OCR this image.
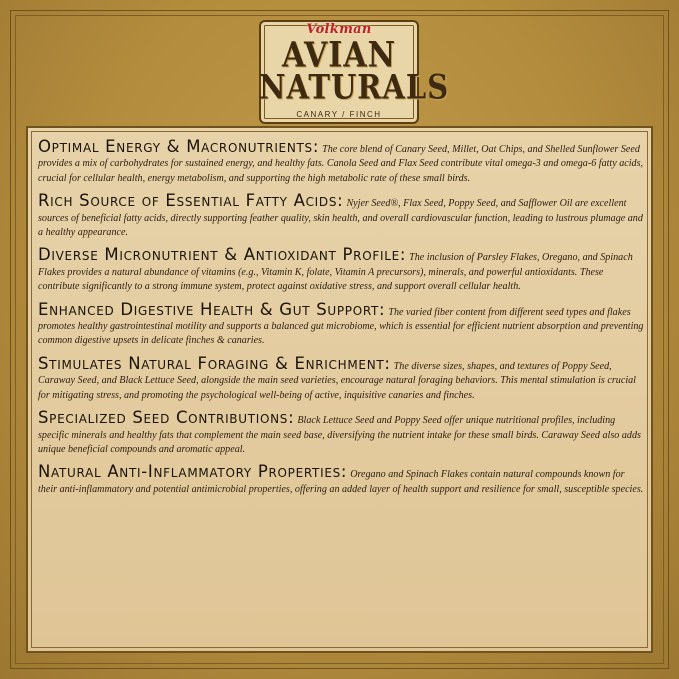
Volkman
AVIAN
NATURALS
CANARY / FINCH

Optimal Energy & Macronutrients: The core blend of Canary Seed, Millet, Oat Chips, and Shelled Sunflower Seed provides a mix of carbohydrates for sustained energy, and healthy fats. Canola Seed and Flax Seed contribute vital omega-3 and omega-6 fatty acids, crucial for cellular health, energy metabolism, and supporting the high metabolic rate of these small birds.

Rich Source of Essential Fatty Acids: Nyjer Seed®, Flax Seed, Poppy Seed, and Safflower Oil are excellent sources of beneficial fatty acids, directly supporting feather quality, skin health, and overall cardiovascular function, leading to lustrous plumage and a healthy appearance.

Diverse Micronutrient & Antioxidant Profile: The inclusion of Parsley Flakes, Oregano, and Spinach Flakes provides a natural abundance of vitamins (e.g., Vitamin K, folate, Vitamin A precursors), minerals, and powerful antioxidants. These contribute significantly to a strong immune system, protect against oxidative stress, and support overall cellular health.

Enhanced Digestive Health & Gut Support: The varied fiber content from different seed types and flakes promotes healthy gastrointestinal motility and supports a balanced gut microbiome, which is essential for efficient nutrient absorption and preventing common digestive upsets in delicate finches & canaries.

Stimulates Natural Foraging & Enrichment: The diverse sizes, shapes, and textures of Poppy Seed, Caraway Seed, and Black Lettuce Seed, alongside the main seed varieties, encourage natural foraging behaviors. This mental stimulation is crucial for mitigating stress, and promoting the psychological well-being of active, inquisitive canaries and finches.

Specialized Seed Contributions: Black Lettuce Seed and Poppy Seed offer unique nutritional profiles, including specific minerals and healthy fats that complement the main seed base, diversifying the nutrient intake for these small birds. Caraway Seed also adds unique beneficial compounds and aromatic appeal.

Natural Anti-Inflammatory Properties: Oregano and Spinach Flakes contain natural compounds known for their anti-inflammatory and potential antimicrobial properties, offering an added layer of health support and resilience for small, susceptible species.
